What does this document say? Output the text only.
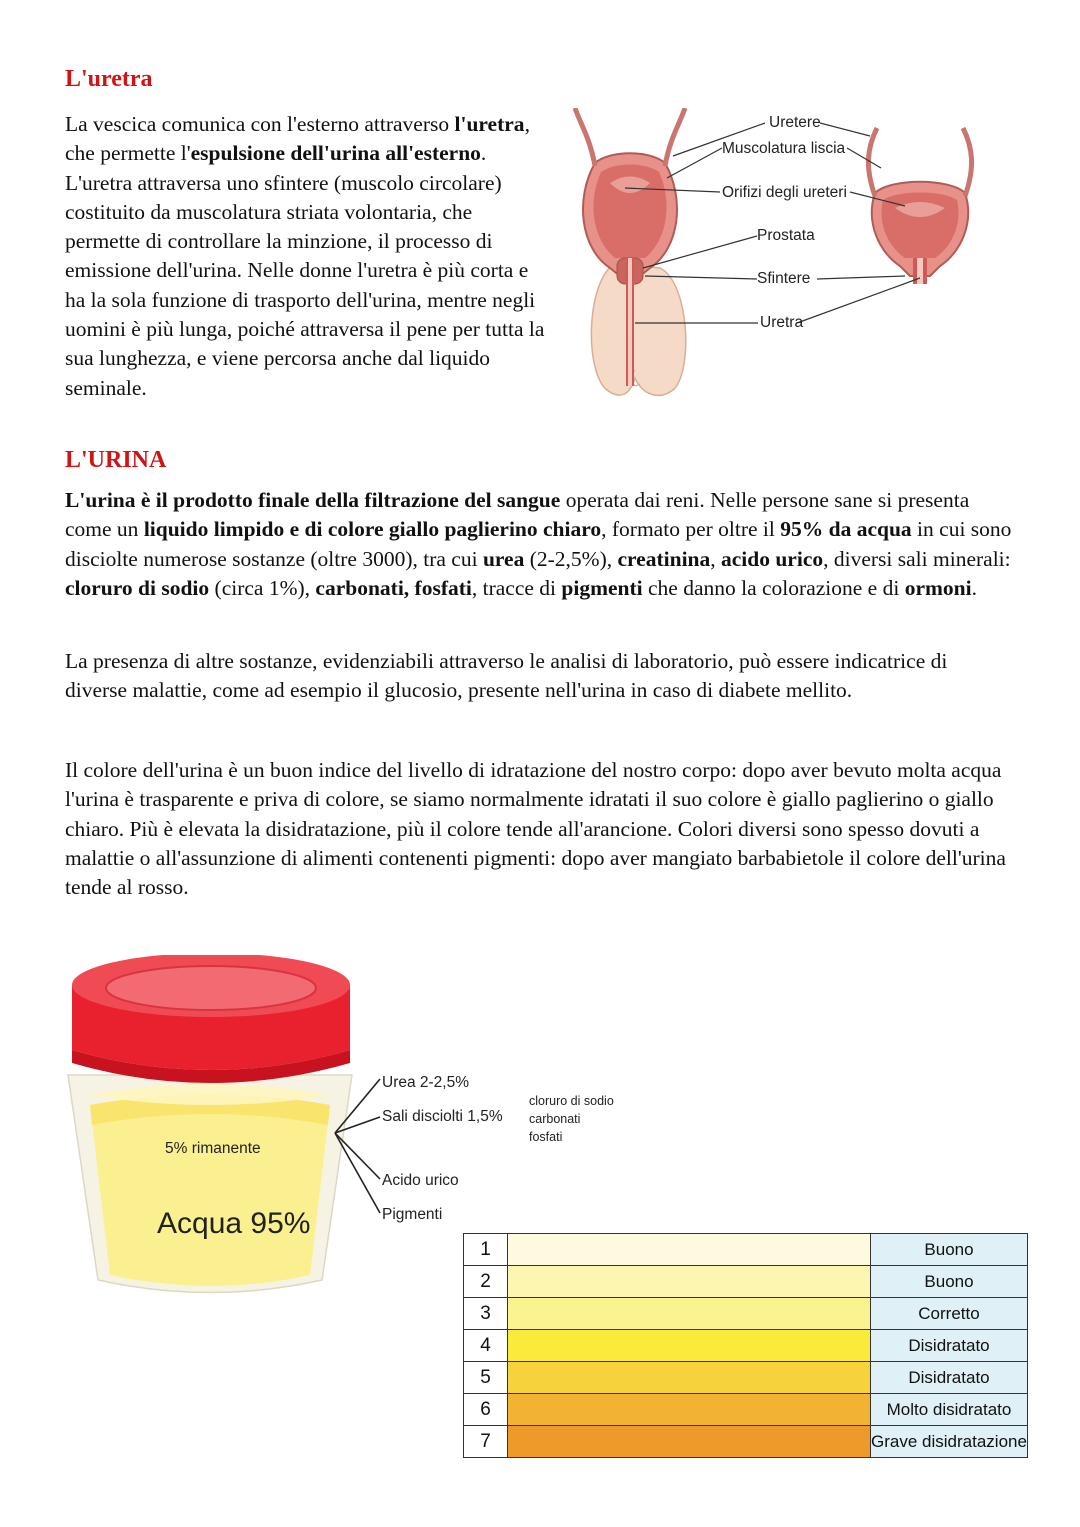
L'uretra
La vescica comunica con l'esterno attraverso l'uretra, che permette l'espulsione dell'urina all'esterno. L'uretra attraversa uno sfintere (muscolo circolare) costituito da muscolatura striata volontaria, che permette di controllare la minzione, il processo di emissione dell'urina. Nelle donne l'uretra è più corta e ha la sola funzione di trasporto dell'urina, mentre negli uomini è più lunga, poiché attraversa il pene per tutta la sua lunghezza, e viene percorsa anche dal liquido seminale.
Uretere
Muscolatura liscia
Orifizi degli ureteri
Prostata
Sfintere
Uretra
L'URINA
L'urina è il prodotto finale della filtrazione del sangue operata dai reni. Nelle persone sane si presenta come un liquido limpido e di colore giallo paglierino chiaro, formato per oltre il 95% da acqua in cui sono disciolte numerose sostanze (oltre 3000), tra cui urea (2-2,5%), creatinina, acido urico, diversi sali minerali: cloruro di sodio (circa 1%), carbonati, fosfati, tracce di pigmenti che danno la colorazione e di ormoni.
La presenza di altre sostanze, evidenziabili attraverso le analisi di laboratorio, può essere indicatrice di diverse malattie, come ad esempio il glucosio, presente nell'urina in caso di diabete mellito.
Il colore dell'urina è un buon indice del livello di idratazione del nostro corpo: dopo aver bevuto molta acqua l'urina è trasparente e priva di colore, se siamo normalmente idratati il suo colore è giallo paglierino o giallo chiaro. Più è elevata la disidratazione, più il colore tende all'arancione. Colori diversi sono spesso dovuti a malattie o all'assunzione di alimenti contenenti pigmenti: dopo aver mangiato barbabietole il colore dell'urina tende al rosso.
5% rimanente
Acqua 95%
Urea 2-2,5%
Sali disciolti 1,5%
cloruro di sodio
carbonati
fosfati
Acido urico
Pigmenti
1		Buono
2		Buono
3		Corretto
4		Disidratato
5		Disidratato
6		Molto disidratato
7		Grave disidratazione
